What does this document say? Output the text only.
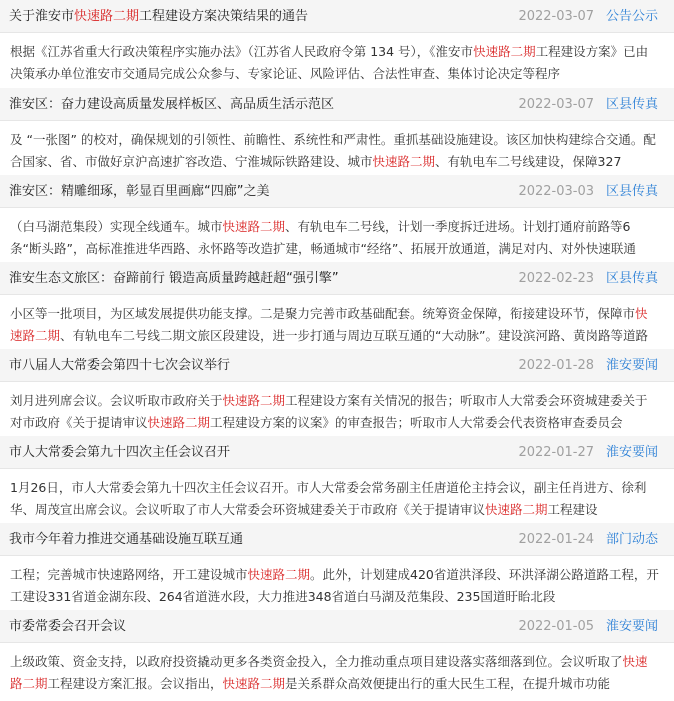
关于淮安市快速路二期工程建设方案决策结果的通告	2022-03-07 公告公示

根据《江苏省重大行政决策程序实施办法》（江苏省人民政府令第 134 号），《淮安市快速路二期工程建设方案》已由决策承办单位淮安市交通局完成公众参与、专家论证、风险评估、合法性审查、集体讨论决定等程序

淮安区：奋力建设高质量发展样板区、高品质生活示范区	2022-03-07 区县传真

及 “一张图” 的校对，确保规划的引领性、前瞻性、系统性和严肃性。重抓基础设施建设。该区加快构建综合交通。配合国家、省、市做好京沪高速扩容改造、宁淮城际铁路建设、城市快速路二期、有轨电车二号线建设，保障327

淮安区：精雕细琢，彰显百里画廊“四廊”之美	2022-03-03 区县传真

（白马湖范集段）实现全线通车。城市快速路二期、有轨电车二号线，计划一季度拆迁进场。计划打通府前路等6条“断头路”，高标准推进华西路、永怀路等改造扩建，畅通城市“经络”、拓展开放通道，满足对内、对外快速联通

淮安生态文旅区：奋蹄前行 锻造高质量跨越赶超“强引擎”	2022-02-23 区县传真

小区等一批项目，为区域发展提供功能支撑。二是聚力完善市政基础配套。统筹资金保障，衔接建设环节，保障市快速路二期、有轨电车二号线二期文旅区段建设，进一步打通与周边互联互通的“大动脉”。建设滨河路、黄岗路等道路

市八届人大常委会第四十七次会议举行	2022-01-28 淮安要闻

刘月进列席会议。会议听取市政府关于快速路二期工程建设方案有关情况的报告；听取市人大常委会环资城建委关于对市政府《关于提请审议快速路二期工程建设方案的议案》的审查报告；听取市人大常委会代表资格审查委员会

市人大常委会第九十四次主任会议召开	2022-01-27 淮安要闻

1月26日，市人大常委会第九十四次主任会议召开。市人大常委会常务副主任唐道伦主持会议，副主任肖进方、徐利华、周茂宣出席会议。会议听取了市人大常委会环资城建委关于市政府《关于提请审议快速路二期工程建设

我市今年着力推进交通基础设施互联互通	2022-01-24 部门动态

工程；完善城市快速路网络，开工建设城市快速路二期。此外，计划建成420省道洪泽段、环洪泽湖公路道路工程，开工建设331省道金湖东段、264省道涟水段，大力推进348省道白马湖及范集段、235国道盱眙北段

市委常委会召开会议	2022-01-05 淮安要闻

上级政策、资金支持，以政府投资撬动更多各类资金投入，全力推动重点项目建设落实落细落到位。会议听取了快速路二期工程建设方案汇报。会议指出，快速路二期是关系群众高效便捷出行的重大民生工程，在提升城市功能
